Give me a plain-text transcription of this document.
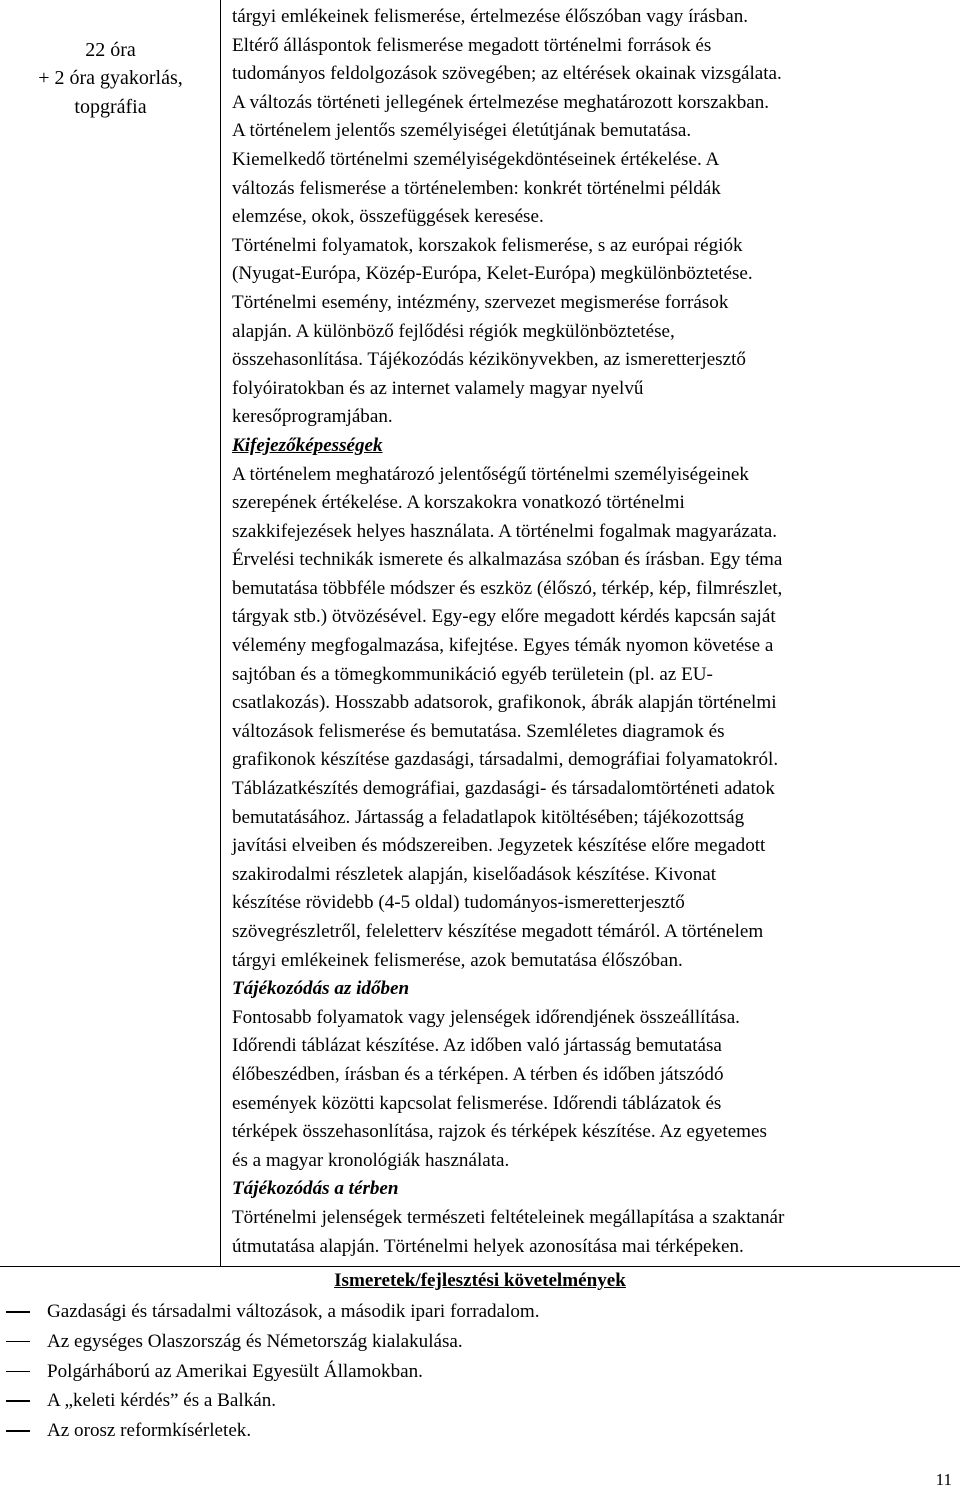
22 óra
+ 2 óra gyakorlás,
topgráfia
tárgyi emlékeinek felismerése, értelmezése élőszóban vagy írásban.
Eltérő álláspontok felismerése megadott történelmi források és
tudományos feldolgozások szövegében; az eltérések okainak vizsgálata.
A változás történeti jellegének értelmezése meghatározott korszakban.
A történelem jelentős személyiségei életútjának bemutatása.
Kiemelkedő történelmi személyiségekdöntéseinek értékelése. A
változás felismerése a történelemben: konkrét történelmi példák
elemzése, okok, összefüggések keresése.
Történelmi folyamatok, korszakok felismerése, s az európai régiók
(Nyugat-Európa, Közép-Európa, Kelet-Európa) megkülönböztetése.
Történelmi esemény, intézmény, szervezet megismerése források
alapján. A különböző fejlődési régiók megkülönböztetése,
összehasonlítása. Tájékozódás kézikönyvekben, az ismeretterjesztő
folyóiratokban és az internet valamely magyar nyelvű
keresőprogramjában.
Kifejezőképességek
A történelem meghatározó jelentőségű történelmi személyiségeinek
szerepének értékelése. A korszakokra vonatkozó történelmi
szakkifejezések helyes használata. A történelmi fogalmak magyarázata.
Érvelési technikák ismerete és alkalmazása szóban és írásban. Egy téma
bemutatása többféle módszer és eszköz (élőszó, térkép, kép, filmrészlet,
tárgyak stb.) ötvözésével. Egy-egy előre megadott kérdés kapcsán saját
vélemény megfogalmazása, kifejtése. Egyes témák nyomon követése a
sajtóban és a tömegkommunikáció egyéb területein (pl. az EU-
csatlakozás). Hosszabb adatsorok, grafikonok, ábrák alapján történelmi
változások felismerése és bemutatása. Szemléletes diagramok és
grafikonok készítése gazdasági, társadalmi, demográfiai folyamatokról.
Táblázatkészítés demográfiai, gazdasági- és társadalomtörténeti adatok
bemutatásához. Jártasság a feladatlapok kitöltésében; tájékozottság
javítási elveiben és módszereiben. Jegyzetek készítése előre megadott
szakirodalmi részletek alapján, kiselőadások készítése. Kivonat
készítése rövidebb (4-5 oldal) tudományos-ismeretterjesztő
szövegrészletről, feleletterv készítése megadott témáról. A történelem
tárgyi emlékeinek felismerése, azok bemutatása élőszóban.
Tájékozódás az időben
Fontosabb folyamatok vagy jelenségek időrendjének összeállítása.
Időrendi táblázat készítése. Az időben való jártasság bemutatása
élőbeszédben, írásban és a térképen. A térben és időben játszódó
események közötti kapcsolat felismerése. Időrendi táblázatok és
térképek összehasonlítása, rajzok és térképek készítése. Az egyetemes
és a magyar kronológiák használata.
Tájékozódás a térben
Történelmi jelenségek természeti feltételeinek megállapítása a szaktanár
útmutatása alapján. Történelmi helyek azonosítása mai térképeken.
Ismeretek/fejlesztési követelmények
Gazdasági és társadalmi változások, a második ipari forradalom.
Az egységes Olaszország és Németország kialakulása.
Polgárháború az Amerikai Egyesült Államokban.
A „keleti kérdés” és a Balkán.
Az orosz reformkísérletek.
11
